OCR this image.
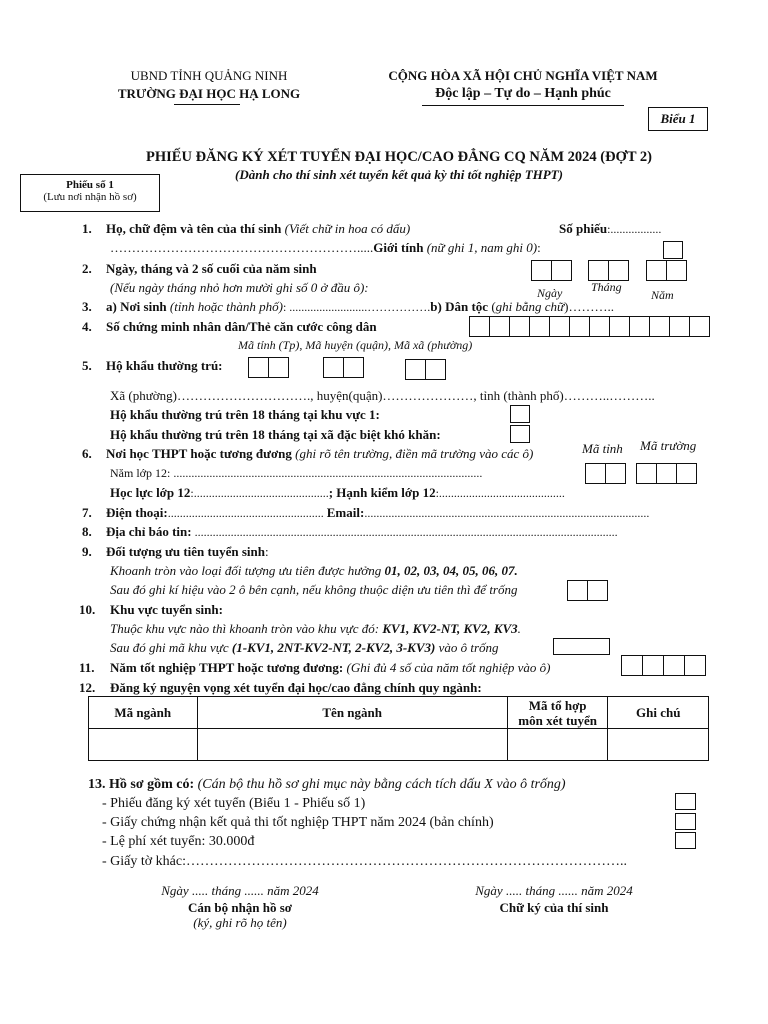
UBND TỈNH QUẢNG NINH
TRƯỜNG ĐẠI HỌC HẠ LONG
CỘNG HÒA XÃ HỘI CHỦ NGHĨA VIỆT NAM
Độc lập – Tự do – Hạnh phúc
Biểu 1
PHIẾU ĐĂNG KÝ XÉT TUYỂN ĐẠI HỌC/CAO ĐẲNG CQ NĂM 2024 (ĐỢT 2)
(Dành cho thí sinh xét tuyển kết quả kỳ thi tốt nghiệp THPT)
Phiếu số 1
(Lưu nơi nhận hồ sơ)
1. Họ, chữ đệm và tên của thí sinh (Viết chữ in hoa có dấu)	Số phiếu:.................
………………………………………………….....Giới tính (nữ ghi 1, nam ghi 0):
2. Ngày, tháng và 2 số cuối của năm sinh
(Nếu ngày tháng nhỏ hơn mười ghi số 0 ở đầu ô):	Ngày Tháng
Năm
3. a) Nơi sinh (tỉnh hoặc thành phố): ..........................…………….b) Dân tộc (ghi bằng chữ)………..
4. Số chứng minh nhân dân/Thẻ căn cước công dân
Mã tỉnh (Tp), Mã huyện (quận), Mã xã (phường)
5. Hộ khẩu thường trú:
Xã (phường)…………………………., huyện(quận)…………………, tỉnh (thành phố)………..………..
Hộ khẩu thường trú trên 18 tháng tại khu vực 1:
Hộ khẩu thường trú trên 18 tháng tại xã đặc biệt khó khăn:
6. Nơi học THPT hoặc tương đương (ghi rõ tên trường, điền mã trường vào các ô)	Mã tỉnh Mã trường
Năm lớp 12: .......................................................................................................
Học lực lớp 12:.............................................; Hạnh kiểm lớp 12:..........................................
7. Điện thoại:.................................................... Email:...............................................................................................
8. Địa chỉ báo tin: .............................................................................................................................................
9. Đối tượng ưu tiên tuyển sinh:
Khoanh tròn vào loại đối tượng ưu tiên được hưởng 01, 02, 03, 04, 05, 06, 07.
Sau đó ghi kí hiệu vào 2 ô bên cạnh, nếu không thuộc diện ưu tiên thì để trống
10. Khu vực tuyển sinh:
Thuộc khu vực nào thì khoanh tròn vào khu vực đó: KV1, KV2-NT, KV2, KV3.
Sau đó ghi mã khu vực (1-KV1, 2NT-KV2-NT, 2-KV2, 3-KV3) vào ô trống
11. Năm tốt nghiệp THPT hoặc tương đương: (Ghi đủ 4 số của năm tốt nghiệp vào ô)
12. Đăng ký nguyện vọng xét tuyển đại học/cao đẳng chính quy ngành:
Mã ngành	Tên ngành	Mã tổ hợp
môn xét tuyển	Ghi chú

13. Hồ sơ gồm có: (Cán bộ thu hồ sơ ghi mục này bằng cách tích dấu X vào ô trống)
- Phiếu đăng ký xét tuyển (Biểu 1 - Phiếu số 1)
- Giấy chứng nhận kết quả thi tốt nghiệp THPT năm 2024 (bản chính)
- Lệ phí xét tuyển: 30.000đ
- Giấy tờ khác:…………………………………………………………………………………..
Ngày ..... tháng ...... năm 2024
Cán bộ nhận hồ sơ
(ký, ghi rõ họ tên)
Ngày ..... tháng ...... năm 2024
Chữ ký của thí sinh
